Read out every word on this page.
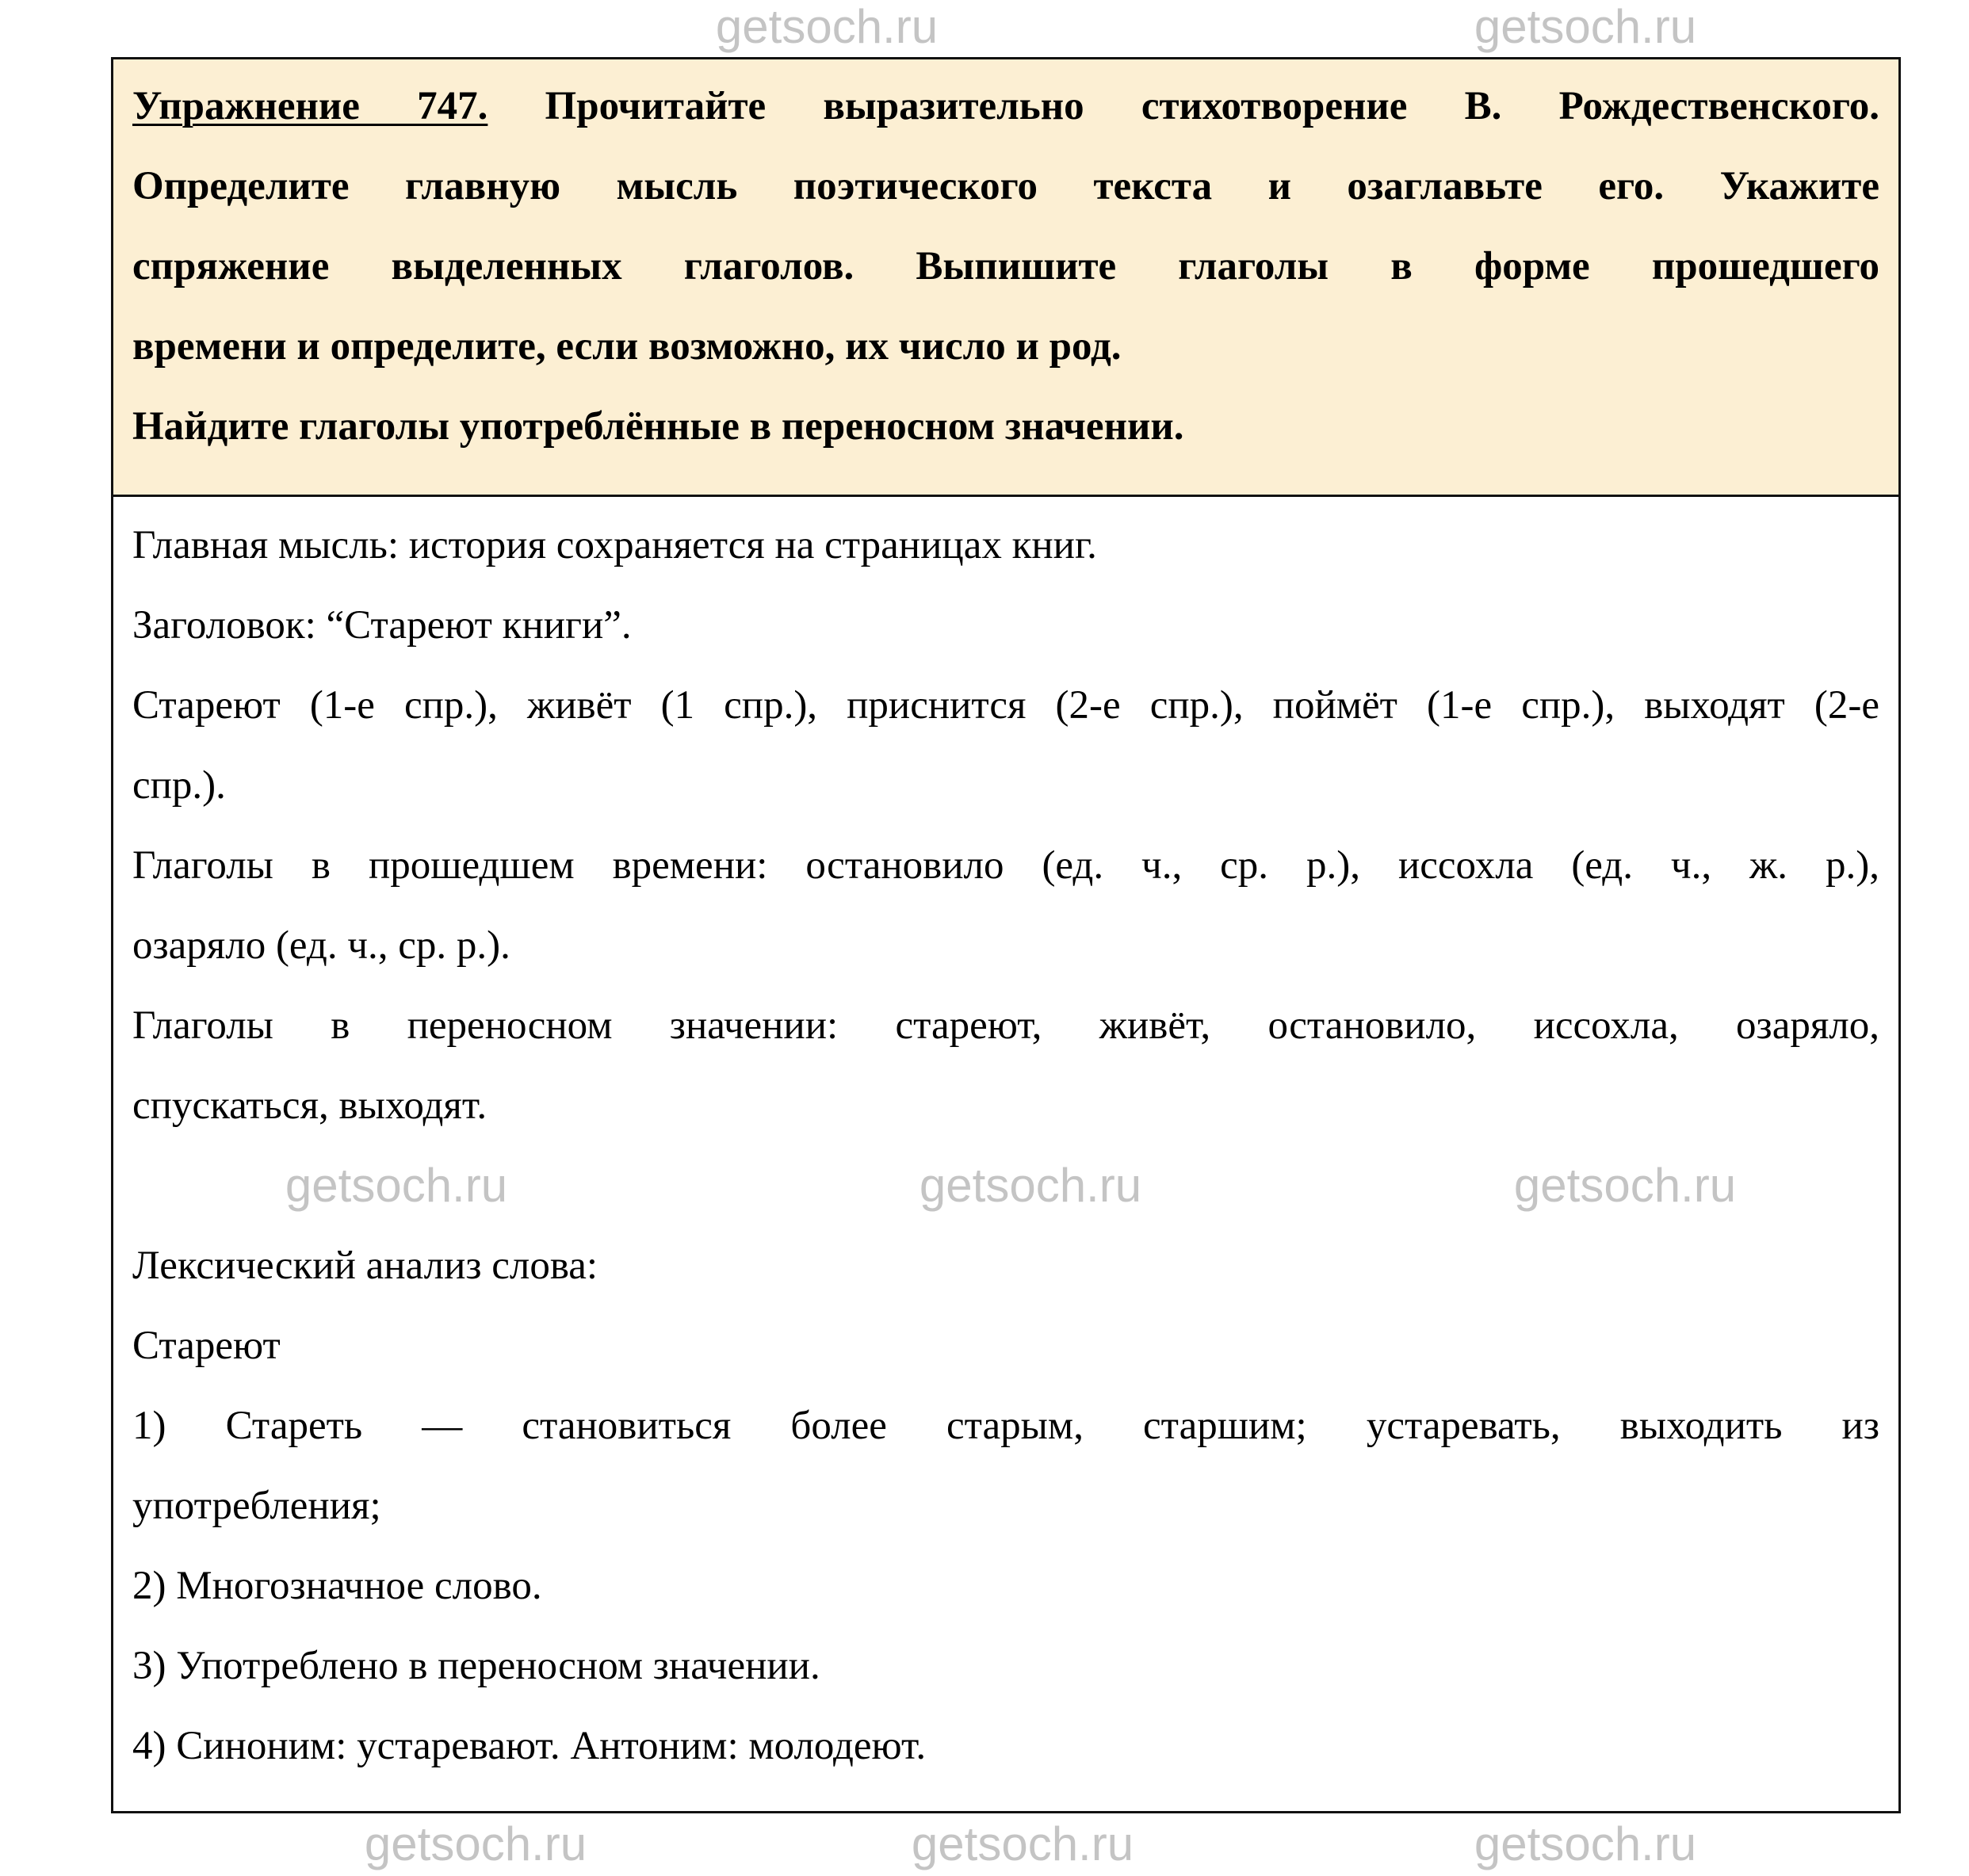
Упражнение 747. Прочитайте выразительно стихотворение В. Рождественского.
Определите главную мысль поэтического текста и озаглавьте его. Укажите
спряжение выделенных глаголов. Выпишите глаголы в форме прошедшего
времени и определите, если возможно, их число и род.
Найдите глаголы употреблённые в переносном значении.
Главная мысль: история сохраняется на страницах книг.
Заголовок: “Стареют книги”.
Стареют (1-е спр.), живёт (1 спр.), приснится (2-е спр.), поймёт (1-е спр.), выходят (2-е
спр.).
Глаголы в прошедшем времени: остановило (ед. ч., ср. р.), иссохла (ед. ч., ж. р.),
озаряло (ед. ч., ср. р.).
Глаголы в переносном значении: стареют, живёт, остановило, иссохла, озаряло,
спускаться, выходят.
Лексический анализ слова:
Стареют
1) Стареть — становиться более старым, старшим; устаревать, выходить из
употребления;
2) Многозначное слово.
3) Употреблено в переносном значении.
4) Синоним: устаревают. Антоним: молодеют.
getsoch.ru	getsoch.ru
getsoch.ru	getsoch.ru	getsoch.ru
getsoch.ru	getsoch.ru	getsoch.ru
